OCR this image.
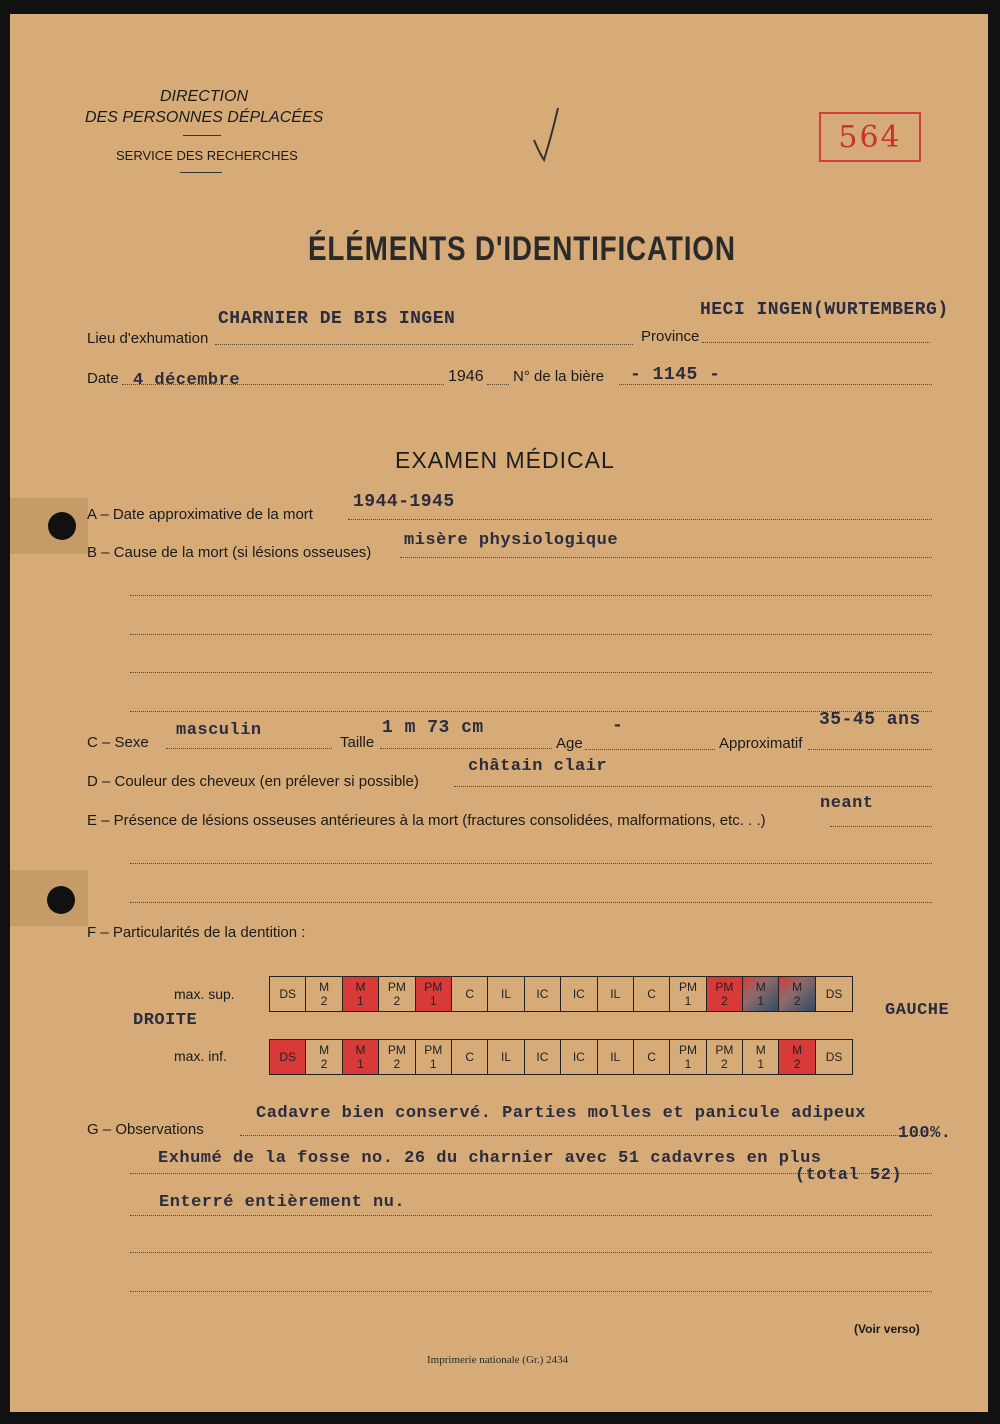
DIRECTION
DES PERSONNES DÉPLACÉES
SERVICE DES RECHERCHES
564
ÉLÉMENTS D'IDENTIFICATION
Lieu d'exhumation
CHARNIER DE BIS INGEN
Province
HECI INGEN(WURTEMBERG)
Date 4 décembre	1946 N° de la bière - 1145 -
EXAMEN MÉDICAL
A – Date approximative de la mort
1944-1945
B – Cause de la mort (si lésions osseuses)
misère physiologique
C – Sexe
masculin
Taille
1 m 73 cm
Age
-
Approximatif
35-45 ans
D – Couleur des cheveux (en prélever si possible)
châtain clair
E – Présence de lésions osseuses antérieures à la mort (fractures consolidées, malformations, etc. . .)
neant
F – Particularités de la dentition :
max. sup.
DROITE
max. inf.
GAUCHE
DS M
2
M
1
PM
2
PM
1 C IL IC IC IL C PM
1
PM
2
M
1
M
2 DS
DS M
2
M
1
PM
2
PM
1 C IL IC IC IL C PM
1
PM
2
M
1
M
2 DS
G – Observations
Cadavre bien conservé. Parties molles et panicule adipeux
100%.
Exhumé de la fosse no. 26 du charnier avec 51 cadavres en plus
(total 52)
Enterré entièrement nu.
(Voir verso)
Imprimerie nationale (Gr.) 2434
